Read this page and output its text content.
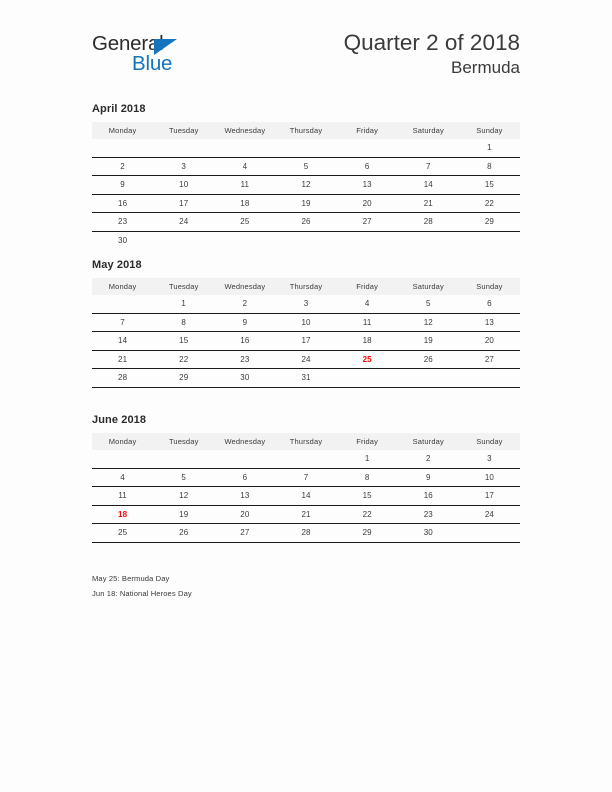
General
Blue
Quarter 2 of 2018
Bermuda
April 2018
Monday	Tuesday	Wednesday	Thursday	Friday	Saturday	Sunday
						1
2	3	4	5	6	7	8
9	10	11	12	13	14	15
16	17	18	19	20	21	22
23	24	25	26	27	28	29
30						
May 2018
Monday	Tuesday	Wednesday	Thursday	Friday	Saturday	Sunday
	1	2	3	4	5	6
7	8	9	10	11	12	13
14	15	16	17	18	19	20
21	22	23	24	25	26	27
28	29	30	31			
June 2018
Monday	Tuesday	Wednesday	Thursday	Friday	Saturday	Sunday
				1	2	3
4	5	6	7	8	9	10
11	12	13	14	15	16	17
18	19	20	21	22	23	24
25	26	27	28	29	30	
May 25: Bermuda Day
Jun 18: National Heroes Day
